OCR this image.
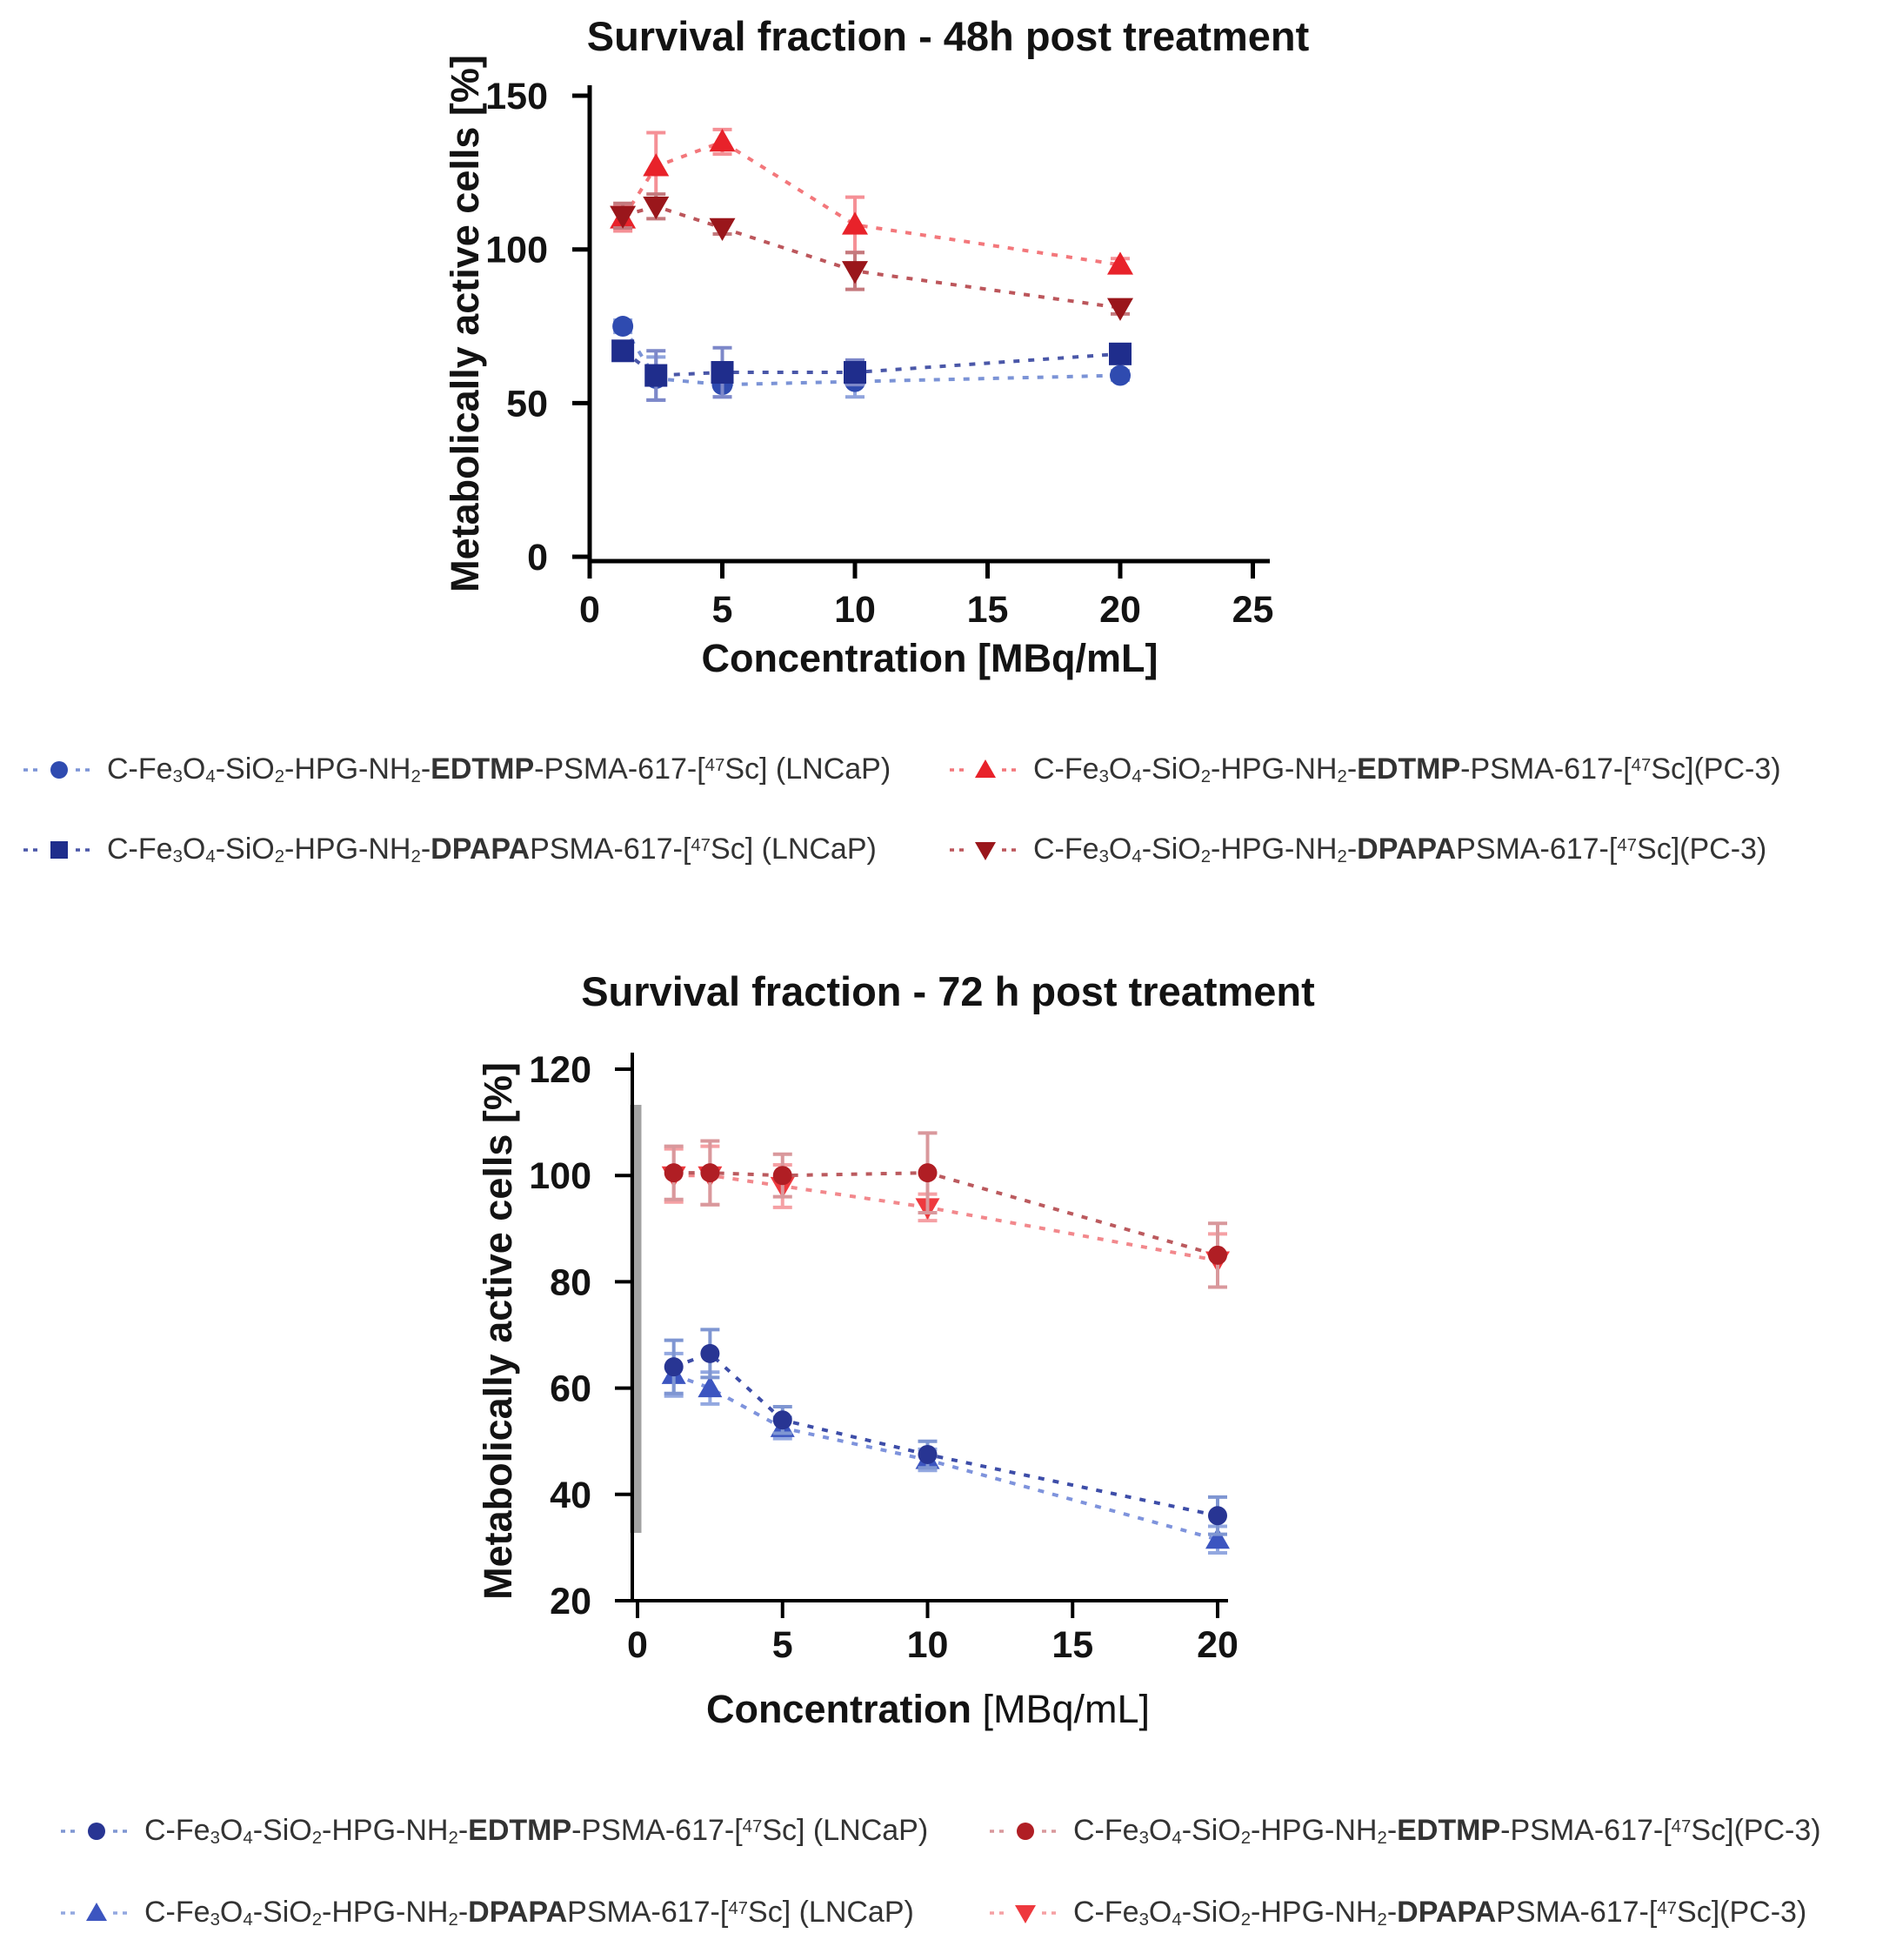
Survival fraction - 48h post treatment
0
50
100
150
0	5	10 15 20 25
Metabolically active cells [%]
Concentration [MBq/mL]
C-Fe3O4-SiO2-HPG-NH2-EDTMP-PSMA-617-[$^{47}$Sc] (LNCaP)	C-Fe3O4-SiO2-HPG-NH2-EDTMP-PSMA-617-[$^{47}$Sc](PC-3)
C-Fe3O4-SiO2-HPG-NH2-DPAPAPSMA-617-[$^{47}$Sc] (LNCaP)	C-Fe3O4-SiO2-HPG-NH2-DPAPAPSMA-617-[$^{47}$Sc](PC-3)
Survival fraction - 72 h post treatment
20
40
60
80
100
120
0	5	10	15	20
Metabolically active cells [%]
Concentration [MBq/mL]
C-Fe3O4-SiO2-HPG-NH2-EDTMP-PSMA-617-[$^{47}$Sc] (LNCaP)	C-Fe3O4-SiO2-HPG-NH2-EDTMP-PSMA-617-[$^{47}$Sc](PC-3)
C-Fe3O4-SiO2-HPG-NH2-DPAPAPSMA-617-[$^{47}$Sc] (LNCaP)	C-Fe3O4-SiO2-HPG-NH2-DPAPAPSMA-617-[$^{47}$Sc](PC-3)
